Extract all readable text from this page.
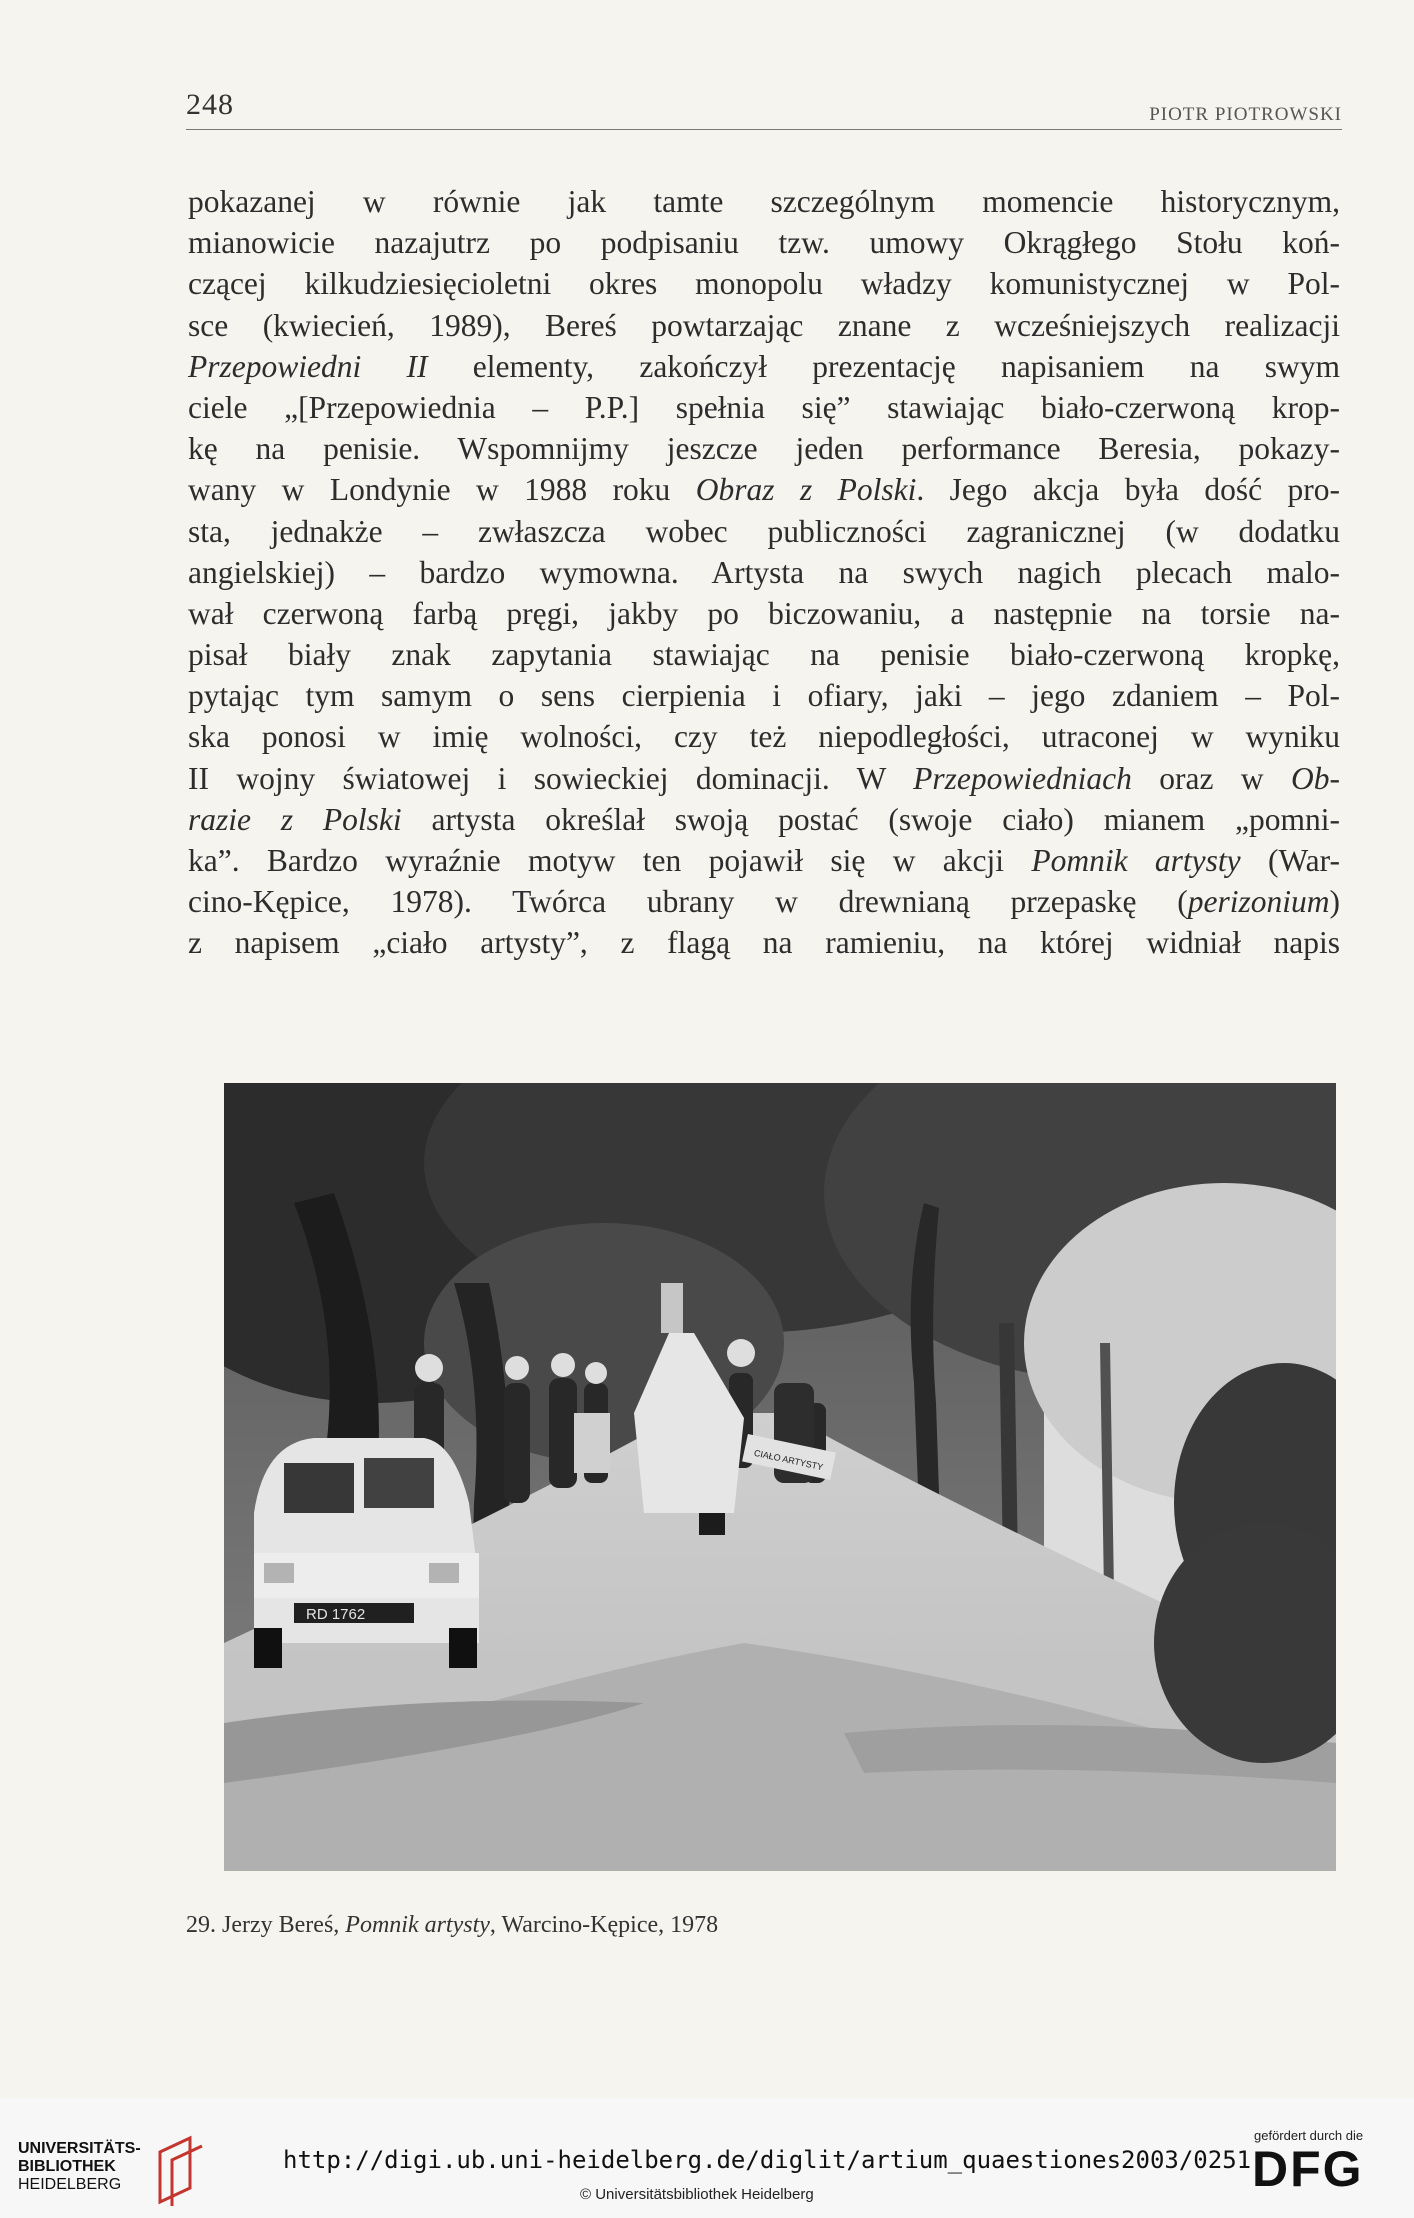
248	PIOTR PIOTROWSKI
pokazanej w równie jak tamte szczególnym momencie historycznym,
mianowicie nazajutrz po podpisaniu tzw. umowy Okrągłego Stołu koń-
czącej kilkudziesięcioletni okres monopolu władzy komunistycznej w Pol-
sce (kwiecień, 1989), Bereś powtarzając znane z wcześniejszych realizacji
Przepowiedni II elementy, zakończył prezentację napisaniem na swym
ciele „[Przepowiednia – P.P.] spełnia się” stawiając biało-czerwoną krop-
kę na penisie. Wspomnijmy jeszcze jeden performance Beresia, pokazy-
wany w Londynie w 1988 roku Obraz z Polski. Jego akcja była dość pro-
sta, jednakże – zwłaszcza wobec publiczności zagranicznej (w dodatku
angielskiej) – bardzo wymowna. Artysta na swych nagich plecach malo-
wał czerwoną farbą pręgi, jakby po biczowaniu, a następnie na torsie na-
pisał biały znak zapytania stawiając na penisie biało-czerwoną kropkę,
pytając tym samym o sens cierpienia i ofiary, jaki – jego zdaniem – Pol-
ska ponosi w imię wolności, czy też niepodległości, utraconej w wyniku
II wojny światowej i sowieckiej dominacji. W Przepowiedniach oraz w Ob-
razie z Polski artysta określał swoją postać (swoje ciało) mianem „pomni-
ka”. Bardzo wyraźnie motyw ten pojawił się w akcji Pomnik artysty (War-
cino-Kępice, 1978). Twórca ubrany w drewnianą przepaskę (perizonium)
z napisem „ciało artysty”, z flagą na ramieniu, na której widniał napis
CIAŁO ARTYSTY
RD 1762
29. Jerzy Bereś, Pomnik artysty, Warcino-Kępice, 1978
UNIVERSITÄTS-
BIBLIOTHEK
HEIDELBERG
http://digi.ub.uni-heidelberg.de/diglit/artium_quaestiones2003/0251
© Universitätsbibliothek Heidelberg
gefördert durch die
DFG
